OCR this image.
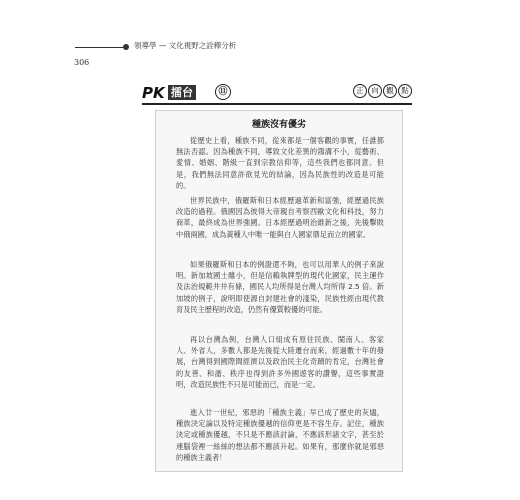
領導學 — 文化視野之詮釋分析
306
PK 擂台	⑪	正	向	觀	點
種族沒有優劣

從歷史上看，種族不同，從來都是一個客觀的事實，任誰都無法否認。因為種族不同，導致文化差異的鴻溝不小，從藝術、愛情、婚姻、階級一直到宗教信仰等，這些我們也都同意。但是，我們無法同意許欲見光的結論，因為民族性的改造是可能的。

世界民族中，俄羅斯和日本經歷過革新和富強，經歷過民族改造的過程。俄國因為彼得大帝親自考察西歐文化和科技，努力商革，最終成為世界強國。日本經歷過明治維新之後，先後擊敗中俄兩國，成為黃種人中唯一能與白人國家鼎足而立的國家。

如果俄羅斯和日本的例證還不夠，也可以用華人的例子來說明。新加坡國土雖小，但是信賴執牌型的現代化國家，民主運作及法治規範井井有條，國民人均所得是台灣人均所得 2.5 倍。新加坡的例子，說明即使源自封建社會的淺染，民族性經由現代教育及民主歷程的改造，仍然有優質較優的可能。

再以台灣為例，台灣人口組成有原住民族、閩南人、客家人、外省人，多數人都是先後從大陸遷台而來，經過數十年的發展，台灣得到國際間經濟以及政治民主化奇蹟的肯定，台灣社會的友善、和諧、秩序也得到許多外國遊客的讚譽，這些事實證明，改造民族性不只是可能而已，而是一定。

進入廿一世紀，邪惡的「種族主義」早已成了歷史的灰燼，種族決定論以及特定種族優越的信仰更是不容生存。記住，種族決定或種族優越，不只是不應該討論，不應該形諸文字，甚至於連腦袋裡一絲絲的想法都不應該升起。如果有，那麼你就是邪惡的種族主義者！
